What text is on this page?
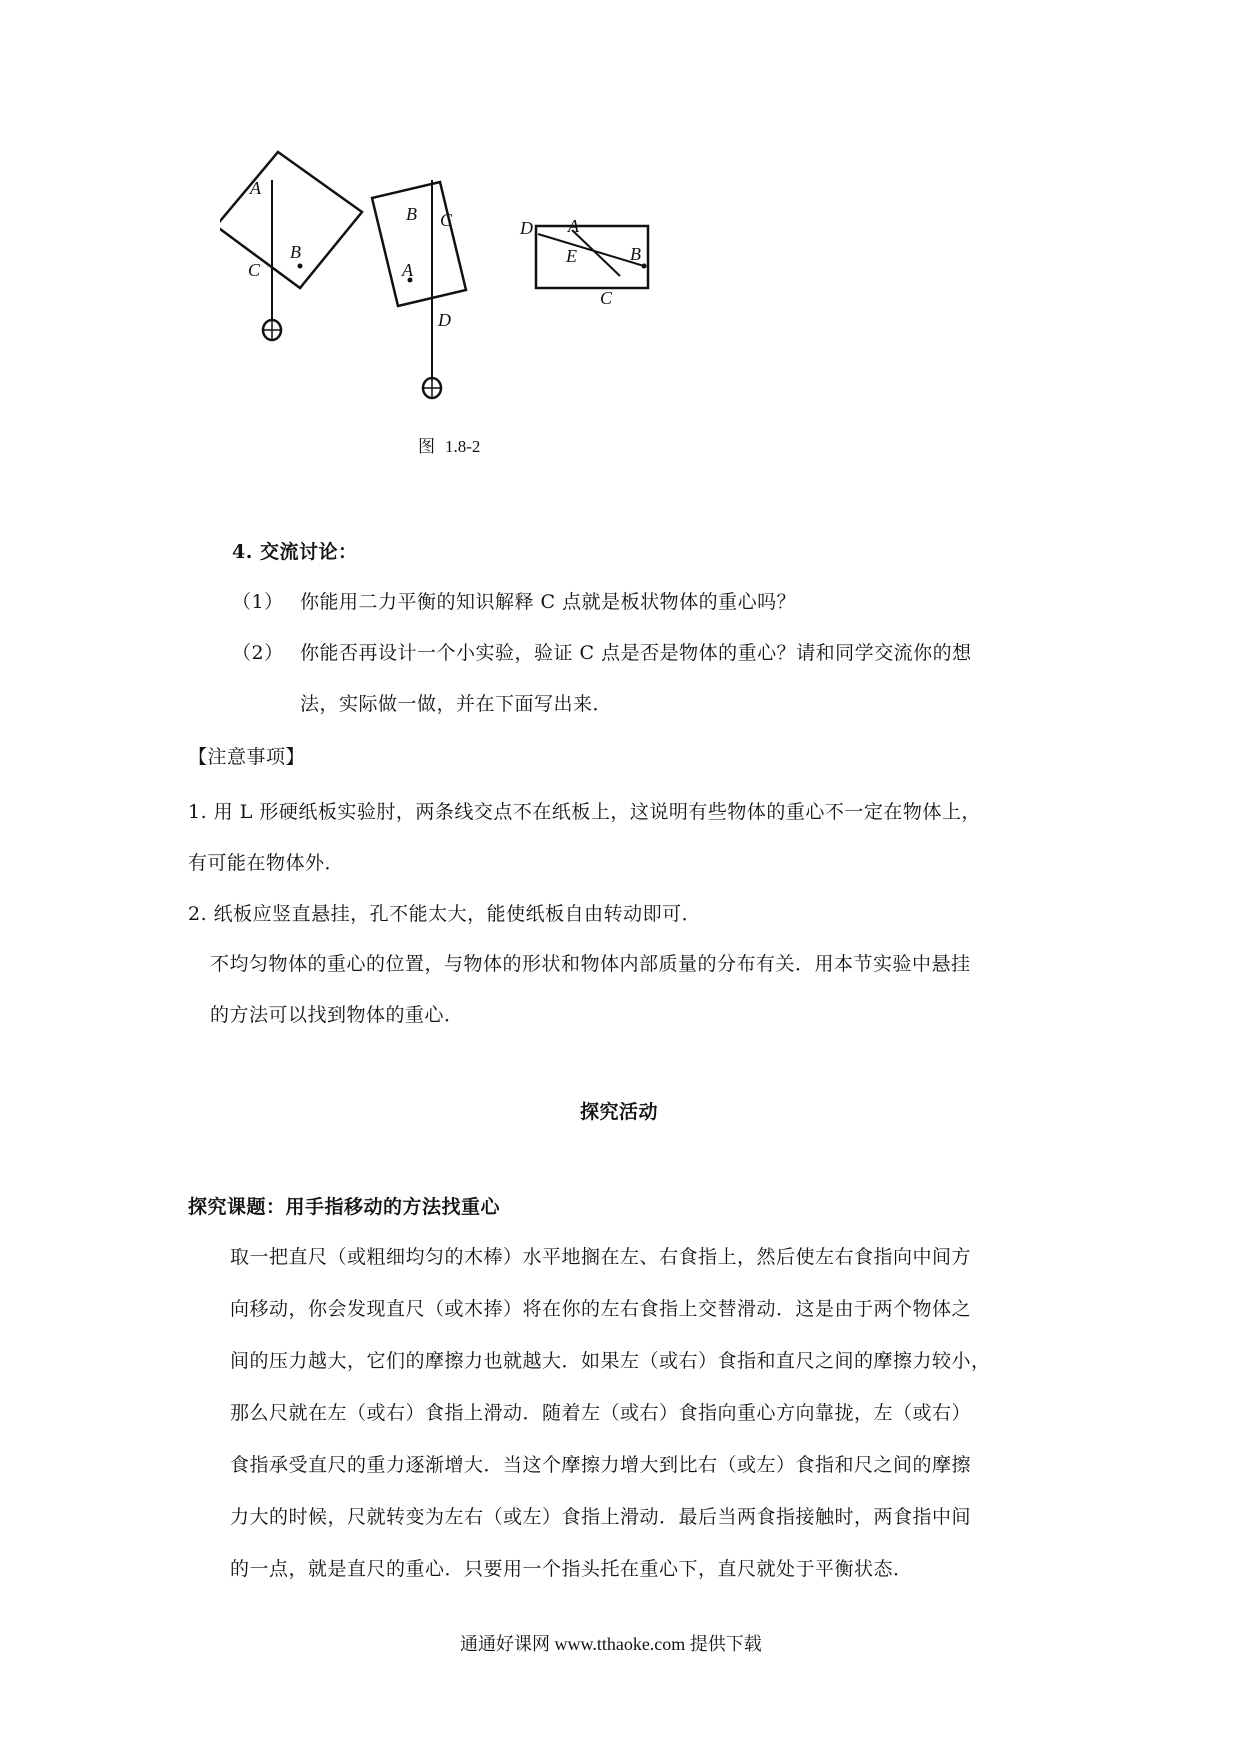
A
B
C
B C
A
D
D A
E	B
C
图 1.8-2
4. 交流讨论：
（1） 你能用二力平衡的知识解释 C 点就是板状物体的重心吗？
（2） 你能否再设计一个小实验，验证 C 点是否是物体的重心？请和同学交流你的想
法，实际做一做，并在下面写出来．
【注意事项】
1. 用 L 形硬纸板实验肘，两条线交点不在纸板上，这说明有些物体的重心不一定在物体上，
有可能在物体外．
2. 纸板应竖直悬挂，孔不能太大，能使纸板自由转动即可．
不均匀物体的重心的位置，与物体的形状和物体内部质量的分布有关．用本节实验中悬挂
的方法可以找到物体的重心．
探究活动
探究课题：用手指移动的方法找重心
取一把直尺（或粗细均匀的木棒）水平地搁在左、右食指上，然后使左右食指向中间方
向移动，你会发现直尺（或木捧）将在你的左右食指上交替滑动．这是由于两个物体之
间的压力越大，它们的摩擦力也就越大．如果左（或右）食指和直尺之间的摩擦力较小，
那么尺就在左（或右）食指上滑动．随着左（或右）食指向重心方向靠拢，左（或右）
食指承受直尺的重力逐渐增大．当这个摩擦力增大到比右（或左）食指和尺之间的摩擦
力大的时候，尺就转变为左右（或左）食指上滑动．最后当两食指接触时，两食指中间
的一点，就是直尺的重心．只要用一个指头托在重心下，直尺就处于平衡状态．
通通好课网 www.tthaoke.com 提供下载
